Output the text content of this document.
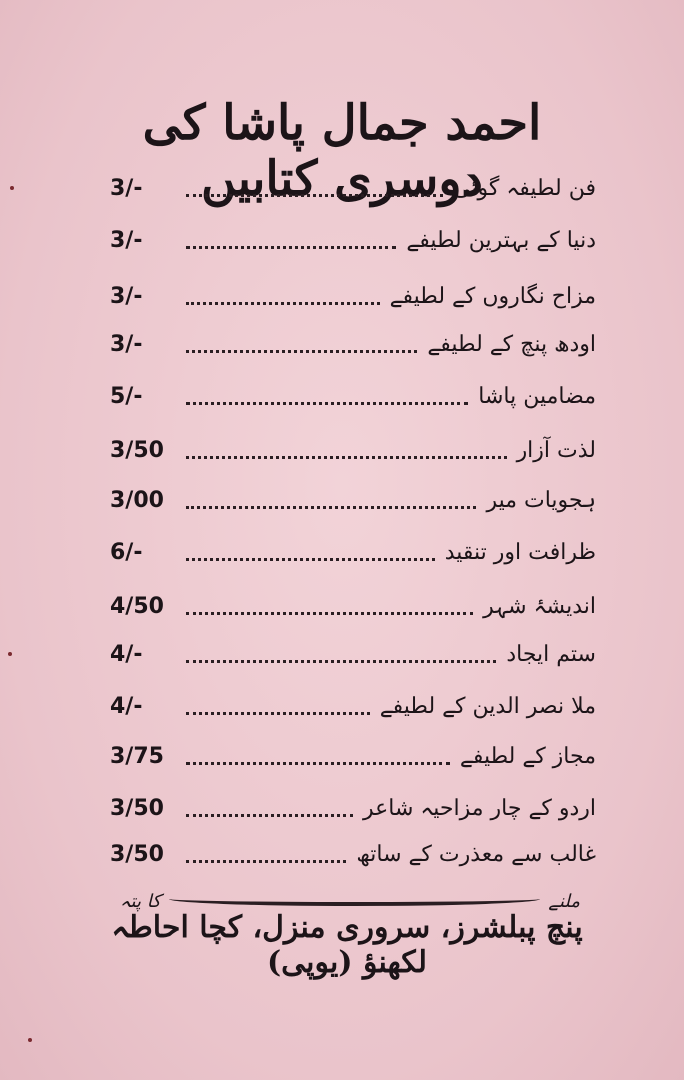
احمد جمال پاشا کی دوسری کتابیں
3/-	فن لطیفہ گوئی
3/-	دنیا کے بہترین لطیفے
3/-	مزاح نگاروں کے لطیفے
3/-	اودھ پنچ کے لطیفے
5/-	مضامین پاشا
3/50	لذت آزار
3/00	ہجویات میر
6/-	ظرافت اور تنقید
4/50	اندیشۂ شہر
4/-	ستم ایجاد
4/-	ملا نصر الدین کے لطیفے
3/75	مجاز کے لطیفے
3/50	اردو کے چار مزاحیہ شاعر
3/50	غالب سے معذرت کے ساتھ
ملنے
کا پتہ
پنچ پبلشرز، سروری منزل، کچا احاطہ لکھنؤ (یوپی)
